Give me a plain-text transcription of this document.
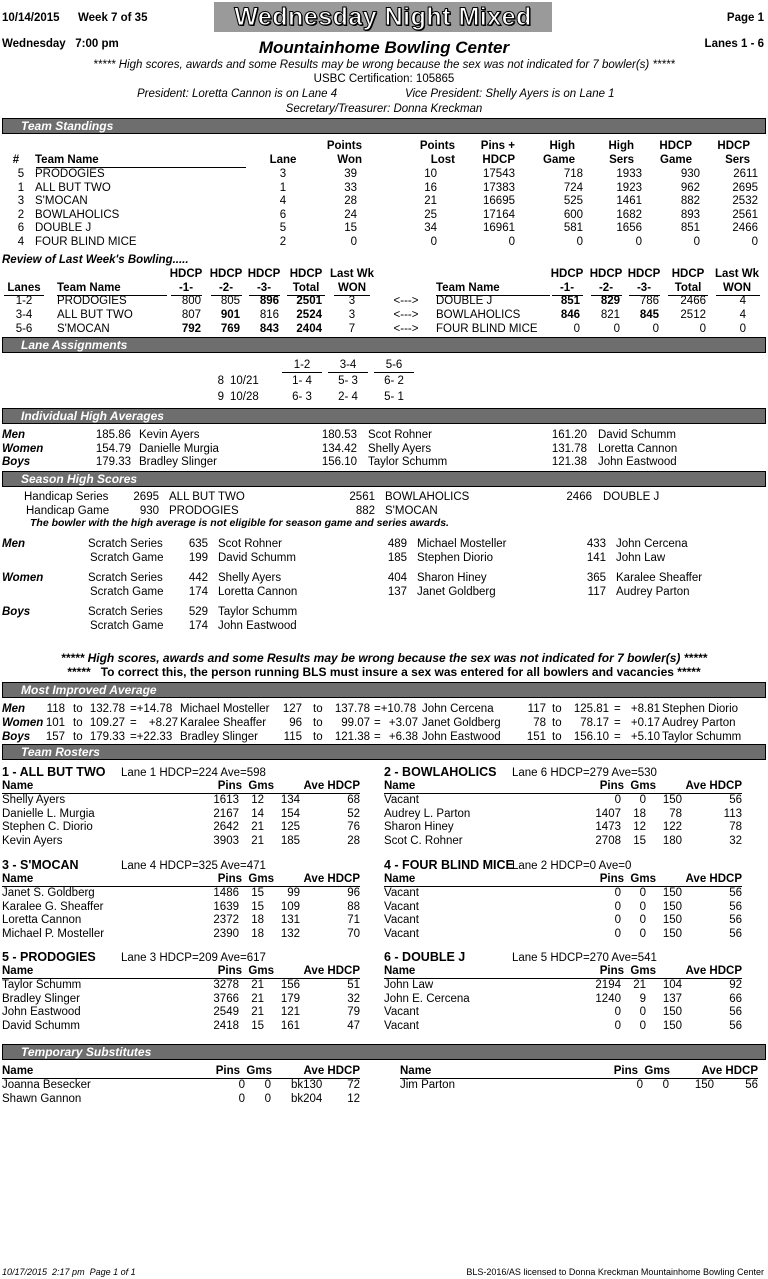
10/14/2015 Week 7 of 35	Wednesday Night Mixed	Page 1
Wednesday   7:00 pm	Mountainhome Bowling Center	Lanes 1 - 6
***** High scores, awards and some Results may be wrong because the sex was not indicated for 7 bowler(s) *****
USBC Certification: 105865
President: Loretta Cannon is on Lane 4	Vice President: Shelly Ayers is on Lane 1
Secretary/Treasurer: Donna Kreckman
Team Standings
Points	Points	Pins +	High	High	HDCP	HDCP
#	Team Name	Lane	Won	Lost	HDCP	Game	Sers	Game	Sers
5 PRODOGIES	3	39	10	17543	718	1933	930	2611
1 ALL BUT TWO	1	33	16	17383	724	1923	962	2695
3 S'MOCAN	4	28	21	16695	525	1461	882	2532
2 BOWLAHOLICS	6	24	25	17164	600	1682	893	2561
6 DOUBLE J	5	15	34	16961	581	1656	851	2466
4 FOUR BLIND MICE	2	0	0	0	0	0	0	0
Review of Last Week's Bowling.....
HDCP HDCP HDCP HDCP Last Wk	HDCP HDCP HDCP HDCP Last Wk
Lanes	Team Name	-1-	-2-	-3-	Total	WON	Team Name	-1-	-2-	-3-	Total	WON
1-2	PRODOGIES	800	805	896	2501	3	<--->	DOUBLE J	851	829	786	2466	4
3-4	ALL BUT TWO	807	901	816	2524	3	<--->	BOWLAHOLICS	846	821	845	2512	4
5-6	S'MOCAN	792	769	843	2404	7	<--->	FOUR BLIND MICE	0	0	0	0	0
Lane Assignments
1-2	3-4	5-6
8 10/21	1- 4	5- 3	6- 2
9 10/28	6- 3	2- 4	5- 1
Individual High Averages
Men	185.86 Kevin Ayers	180.53 Scot Rohner	161.20 David Schumm
Women	154.79 Danielle Murgia	134.42 Shelly Ayers	131.78 Loretta Cannon
Boys	179.33 Bradley Slinger	156.10 Taylor Schumm	121.38 John Eastwood
Season High Scores
Handicap Series	2695 ALL BUT TWO	2561 BOWLAHOLICS	2466 DOUBLE J
Handicap Game	930 PRODOGIES	882 S'MOCAN
Men	Scratch Series	635 Scot Rohner	489 Michael Mosteller	433 John Cercena
Scratch Game	199 David Schumm	185 Stephen Diorio	141 John Law
Women	Scratch Series	442 Shelly Ayers	404 Sharon Hiney	365 Karalee Sheaffer
Scratch Game	174 Loretta Cannon	137 Janet Goldberg	117 Audrey Parton
Boys	Scratch Series	529 Taylor Schumm
Scratch Game	174 John Eastwood
The bowler with the high average is not eligible for season game and series awards.
***** High scores, awards and some Results may be wrong because the sex was not indicated for 7 bowler(s) *****
*****   To correct this, the person running BLS must insure a sex was entered for all bowlers and vacancies *****
Most Improved Average
Men	118 to 132.78 =+14.78 Michael Mosteller	127 to	137.78 =+10.78 John Cercena	117 to	125.81 = +8.81 Stephen Diorio
Women 101 to 109.27 =	+8.27 Karalee Sheaffer	96 to	99.07 = +3.07 Janet Goldberg	78 to	78.17 = +0.17 Audrey Parton
Boys	157 to 179.33 =+22.33 Bradley Slinger	115 to	121.38 = +6.38 John Eastwood	151 to	156.10 = +5.10 Taylor Schumm
Team Rosters
1 - ALL BUT TWO Lane 1 HDCP=224 Ave=598
Name	Pins  Gms	Ave HDCP
Shelly Ayers	1613	12	134	68
Danielle L. Murgia	2167	14	154	52
Stephen C. Diorio	2642	21	125	76
Kevin Ayers	3903	21	185	28
2 - BOWLAHOLICS Lane 6 HDCP=279 Ave=530
Name	Pins  Gms	Ave HDCP
Vacant	0	0	150	56
Audrey L. Parton	1407	18	78	113
Sharon Hiney	1473	12	122	78
Scot C. Rohner	2708	15	180	32
3 - S'MOCAN	Lane 4 HDCP=325 Ave=471
Name	Pins  Gms	Ave HDCP
Janet S. Goldberg	1486	15	99	96
Karalee G. Sheaffer	1639	15	109	88
Loretta Cannon	2372	18	131	71
Michael P. Mosteller	2390	18	132	70
4 - FOUR BLIND MICE
Lane 2 HDCP=0 Ave=0
Name	Pins  Gms	Ave HDCP
Vacant	0	0	150	56
Vacant	0	0	150	56
Vacant	0	0	150	56
Vacant	0	0	150	56
5 - PRODOGIES Lane 3 HDCP=209 Ave=617
Name	Pins  Gms	Ave HDCP
Taylor Schumm	3278	21	156	51
Bradley Slinger	3766	21	179	32
John Eastwood	2549	21	121	79
David Schumm	2418	15	161	47
6 - DOUBLE J	Lane 5 HDCP=270 Ave=541
Name	Pins  Gms	Ave HDCP
John Law	2194	21	104	92
John E. Cercena	1240	9	137	66
Vacant	0	0	150	56
Vacant	0	0	150	56
Temporary Substitutes
Name	Pins  Gms	Ave HDCP
Joanna Besecker	0	0 bk130	72
Shawn Gannon	0	0 bk204	12
Name	Pins  Gms	Ave HDCP
Jim Parton	0	0	150	56
10/17/2015  2:17 pm  Page 1 of 1	BLS-2016/AS licensed to Donna Kreckman Mountainhome Bowling Center
